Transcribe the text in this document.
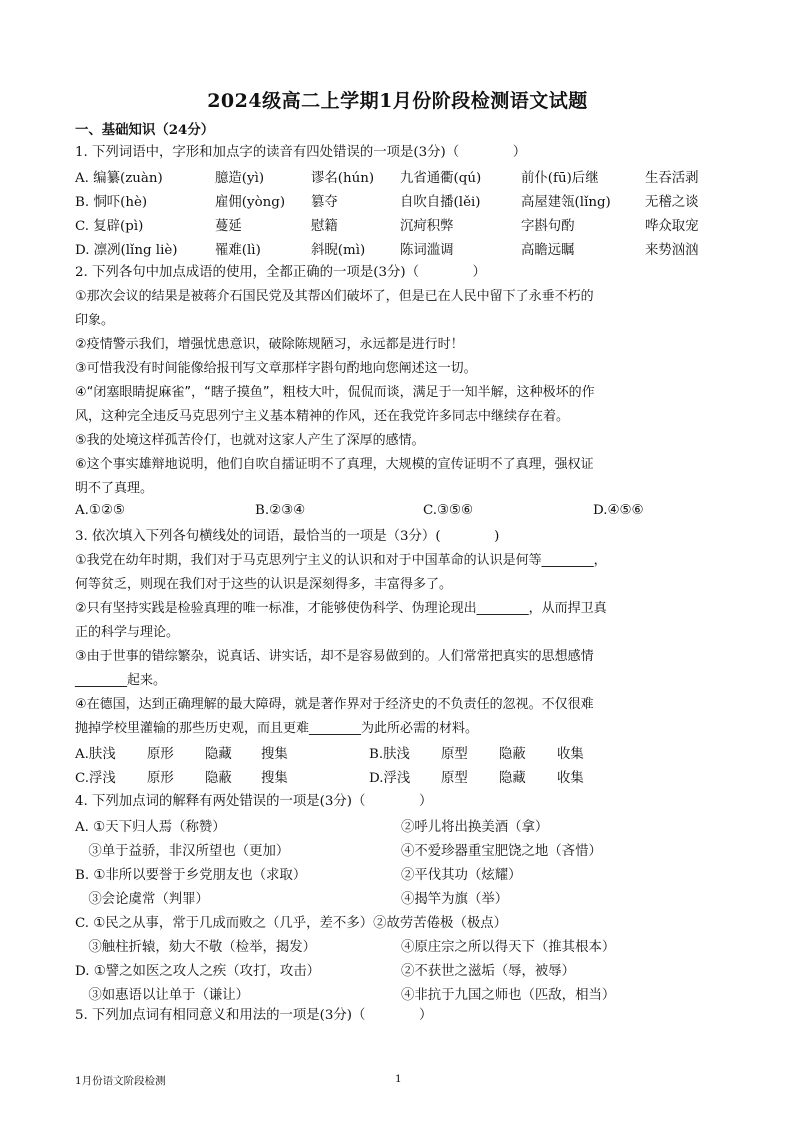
2024级高二上学期1月份阶段检测语文试题
一、基础知识（24分）
1. 下列词语中，字形和加点字的读音有四处错误的一项是(3分)（　　　　）
A. 编纂(zuàn)	臆造(yì)	谬名(hún) 九省通衢(qú)	前仆(fū)后继	生吞活剥
B. 恫吓(hè)	雇佣(yòng) 篡夺	自吹自播(lěi)	高屋建瓴(lǐng)	无稽之谈
C. 复辟(pì)	蔓延	慰籍	沉疴积弊	字斟句酌	哗众取宠
D. 凛冽(lǐng liè)	罹难(lì)	斜睨(mì)	陈词滥调	高瞻远瞩	来势汹汹
2. 下列各句中加点成语的使用，全都正确的一项是(3分)（　　　　）
①那次会议的结果是被蒋介石国民党及其帮凶们破坏了，但是已在人民中留下了永垂不朽的
印象。
②疫情警示我们，增强忧患意识，破除陈规陋习，永远都是进行时！
③可惜我没有时间能像给报刊写文章那样字斟句酌地向您阐述这一切。
④“闭塞眼睛捉麻雀”，“瞎子摸鱼”，粗枝大叶，侃侃而谈，满足于一知半解，这种极坏的作
风，这种完全违反马克思列宁主义基本精神的作风，还在我党许多同志中继续存在着。
⑤我的处境这样孤苦伶仃，也就对这家人产生了深厚的感情。
⑥这个事实雄辩地说明，他们自吹自擂证明不了真理，大规模的宣传证明不了真理，强权证
明不了真理。
A.①②⑤	B.②③④	C.③⑤⑥	D.④⑤⑥
3. 依次填入下列各句横线处的词语，最恰当的一项是（3分）(　　　　)
①我党在幼年时期，我们对于马克思列宁主义的认识和对于中国革命的认识是何等________，
何等贫乏，则现在我们对于这些的认识是深刻得多，丰富得多了。
②只有坚持实践是检验真理的唯一标准，才能够使伪科学、伪理论现出________，从而捍卫真
正的科学与理论。
③由于世事的错综繁杂，说真话、讲实话，却不是容易做到的。人们常常把真实的思想感情
________起来。
④在德国，达到正确理解的最大障碍，就是著作界对于经济史的不负责任的忽视。不仅很难
抛掉学校里灌输的那些历史观，而且更难________为此所必需的材料。
A.肤浅 原形 隐藏 搜集	B.肤浅 原型 隐蔽 收集
C.浮浅 原形 隐蔽 搜集	D.浮浅 原型 隐藏 收集
4. 下列加点词的解释有两处错误的一项是(3分)（　　　　）
A. ①天下归人焉（称赞）	②呼儿将出换美酒（拿）
　③单于益骄，非汉所望也（更加）	④不爱珍器重宝肥饶之地（吝惜）
B. ①非所以要誉于乡党朋友也（求取）	②平伐其功（炫耀）
　③会论虞常（判罪）	④揭竿为旗（举）
C. ①民之从事，常于几成而败之（几乎，差不多）②故劳苦倦极（极点）
　③触柱折辕，劾大不敬（检举，揭发）	④原庄宗之所以得天下（推其根本）
D. ①譬之如医之攻人之疾（攻打，攻击）	②不获世之滋垢（辱，被辱）
　③如惠语以让单于（谦让）	④非抗于九国之师也（匹敌，相当）
5. 下列加点词有相同意义和用法的一项是(3分)（　　　　）
1月份语文阶段检测	1
